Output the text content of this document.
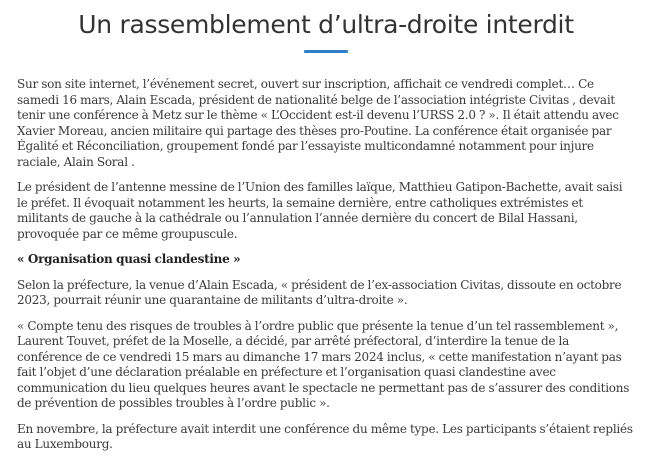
Un rassemblement d’ultra-droite interdit

Sur son site internet, l’événement secret, ouvert sur inscription, affichait ce vendredi complet… Ce samedi 16 mars, Alain Escada, président de nationalité belge de l’association intégriste Civitas , devait tenir une conférence à Metz sur le thème « L’Occident est-il devenu l’URSS 2.0 ? ». Il était attendu avec Xavier Moreau, ancien militaire qui partage des thèses pro-Poutine. La conférence était organisée par Égalité et Réconciliation, groupement fondé par l’essayiste multicondamné notamment pour injure raciale, Alain Soral .

Le président de l’antenne messine de l’Union des familles laïque, Matthieu Gatipon-Bachette, avait saisi le préfet. Il évoquait notamment les heurts, la semaine dernière, entre catholiques extrémistes et militants de gauche à la cathédrale ou l’annulation l’année dernière du concert de Bilal Hassani, provoquée par ce même groupuscule.

« Organisation quasi clandestine »

Selon la préfecture, la venue d’Alain Escada, « président de l’ex-association Civitas, dissoute en octobre 2023, pourrait réunir une quarantaine de militants d’ultra-droite ».

« Compte tenu des risques de troubles à l’ordre public que présente la tenue d’un tel rassemblement », Laurent Touvet, préfet de la Moselle, a décidé, par arrêté préfectoral, d’interdire la tenue de la conférence de ce vendredi 15 mars au dimanche 17 mars 2024 inclus, « cette manifestation n’ayant pas fait l’objet d’une déclaration préalable en préfecture et l’organisation quasi clandestine avec communication du lieu quelques heures avant le spectacle ne permettant pas de s’assurer des conditions de prévention de possibles troubles à l’ordre public ».

En novembre, la préfecture avait interdit une conférence du même type. Les participants s’étaient repliés au Luxembourg.
